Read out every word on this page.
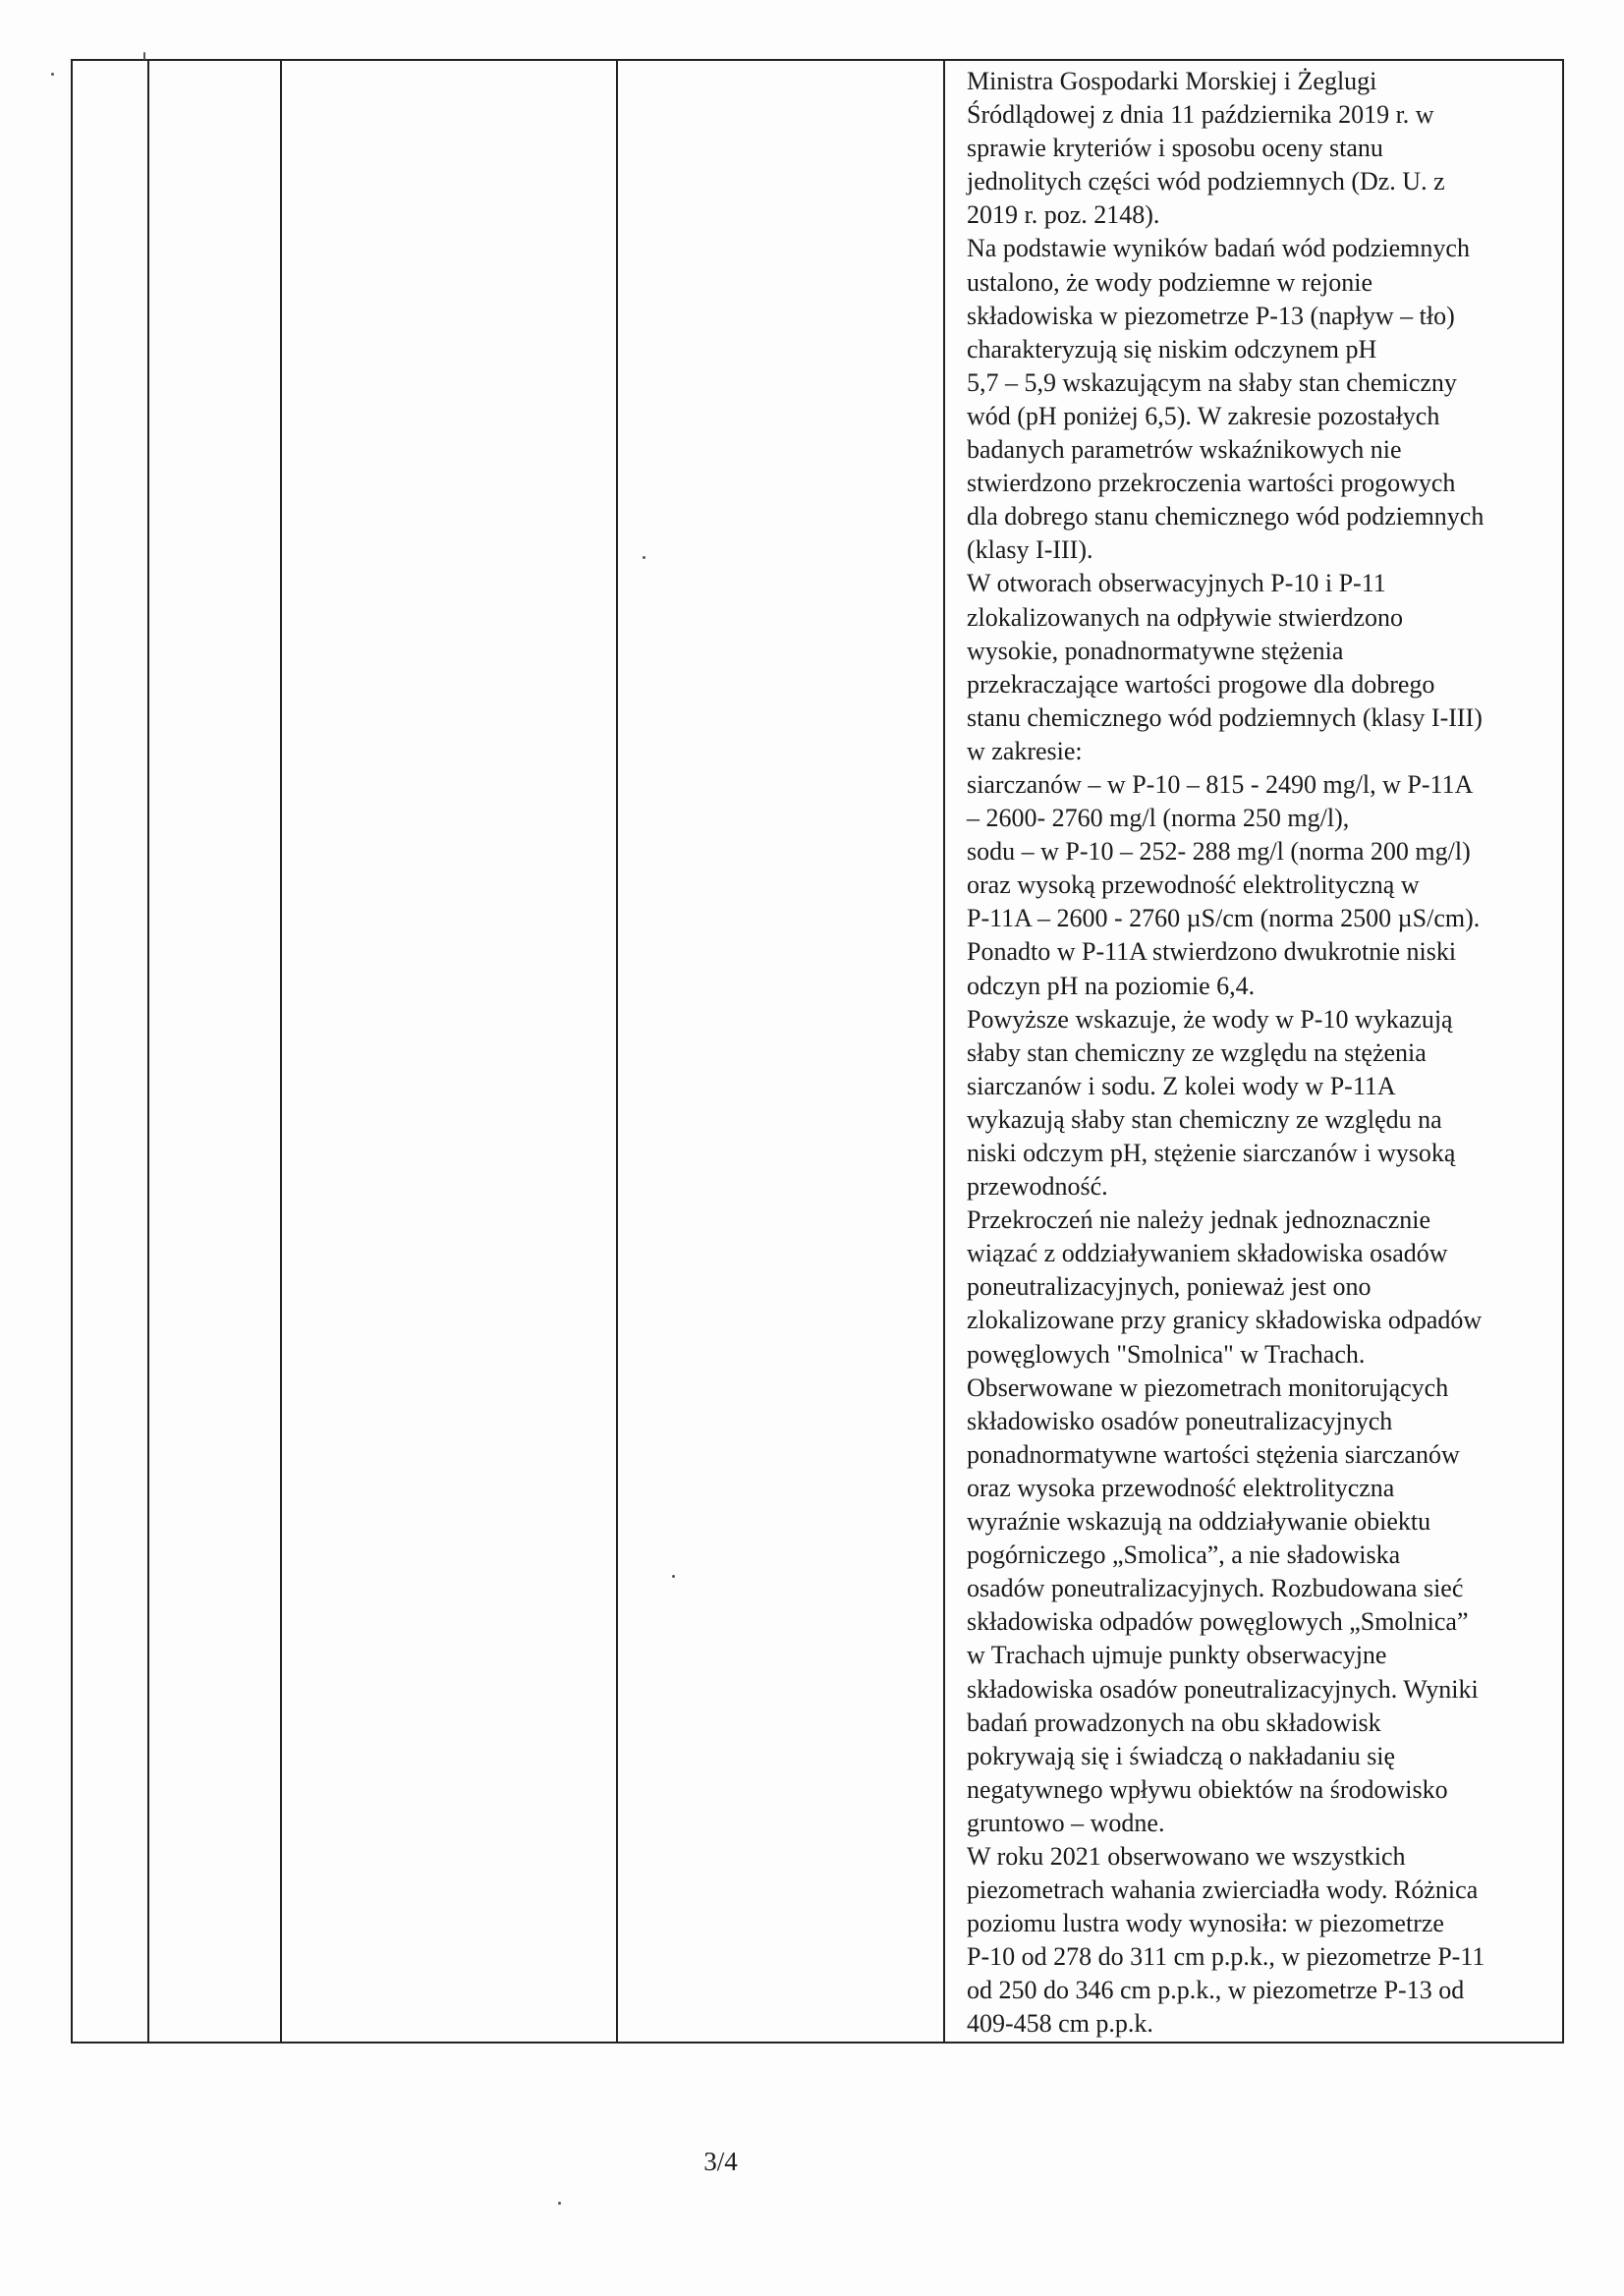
Ministra Gospodarki Morskiej i Żeglugi
Śródlądowej z dnia 11 października 2019 r. w
sprawie kryteriów i sposobu oceny stanu
jednolitych części wód podziemnych (Dz. U. z
2019 r. poz. 2148).
Na podstawie wyników badań wód podziemnych
ustalono, że wody podziemne w rejonie
składowiska w piezometrze P-13 (napływ – tło)
charakteryzują się niskim odczynem pH
5,7 – 5,9 wskazującym na słaby stan chemiczny
wód (pH poniżej 6,5). W zakresie pozostałych
badanych parametrów wskaźnikowych nie
stwierdzono przekroczenia wartości progowych
dla dobrego stanu chemicznego wód podziemnych
(klasy I-III).
W otworach obserwacyjnych P-10 i P-11
zlokalizowanych na odpływie stwierdzono
wysokie, ponadnormatywne stężenia
przekraczające wartości progowe dla dobrego
stanu chemicznego wód podziemnych (klasy I-III)
w zakresie:
siarczanów – w P-10 – 815 - 2490 mg/l, w P-11A
– 2600- 2760 mg/l (norma 250 mg/l),
sodu – w P-10 – 252- 288 mg/l (norma 200 mg/l)
oraz wysoką przewodność elektrolityczną w
P-11A – 2600 - 2760 µS/cm (norma 2500 µS/cm).
Ponadto w P-11A stwierdzono dwukrotnie niski
odczyn pH na poziomie 6,4.
Powyższe wskazuje, że wody w P-10 wykazują
słaby stan chemiczny ze względu na stężenia
siarczanów i sodu. Z kolei wody w P-11A
wykazują słaby stan chemiczny ze względu na
niski odczym pH, stężenie siarczanów i wysoką
przewodność.
Przekroczeń nie należy jednak jednoznacznie
wiązać z oddziaływaniem składowiska osadów
poneutralizacyjnych, ponieważ jest ono
zlokalizowane przy granicy składowiska odpadów
powęglowych "Smolnica" w Trachach.
Obserwowane w piezometrach monitorujących
składowisko osadów poneutralizacyjnych
ponadnormatywne wartości stężenia siarczanów
oraz wysoka przewodność elektrolityczna
wyraźnie wskazują na oddziaływanie obiektu
pogórniczego „Smolica”, a nie sładowiska
osadów poneutralizacyjnych. Rozbudowana sieć
składowiska odpadów powęglowych „Smolnica”
w Trachach ujmuje punkty obserwacyjne
składowiska osadów poneutralizacyjnych. Wyniki
badań prowadzonych na obu składowisk
pokrywają się i świadczą o nakładaniu się
negatywnego wpływu obiektów na środowisko
gruntowo – wodne.
W roku 2021 obserwowano we wszystkich
piezometrach wahania zwierciadła wody. Różnica
poziomu lustra wody wynosiła: w piezometrze
P-10 od 278 do 311 cm p.p.k., w piezometrze P-11
od 250 do 346 cm p.p.k., w piezometrze P-13 od
409-458 cm p.p.k.
3/4
